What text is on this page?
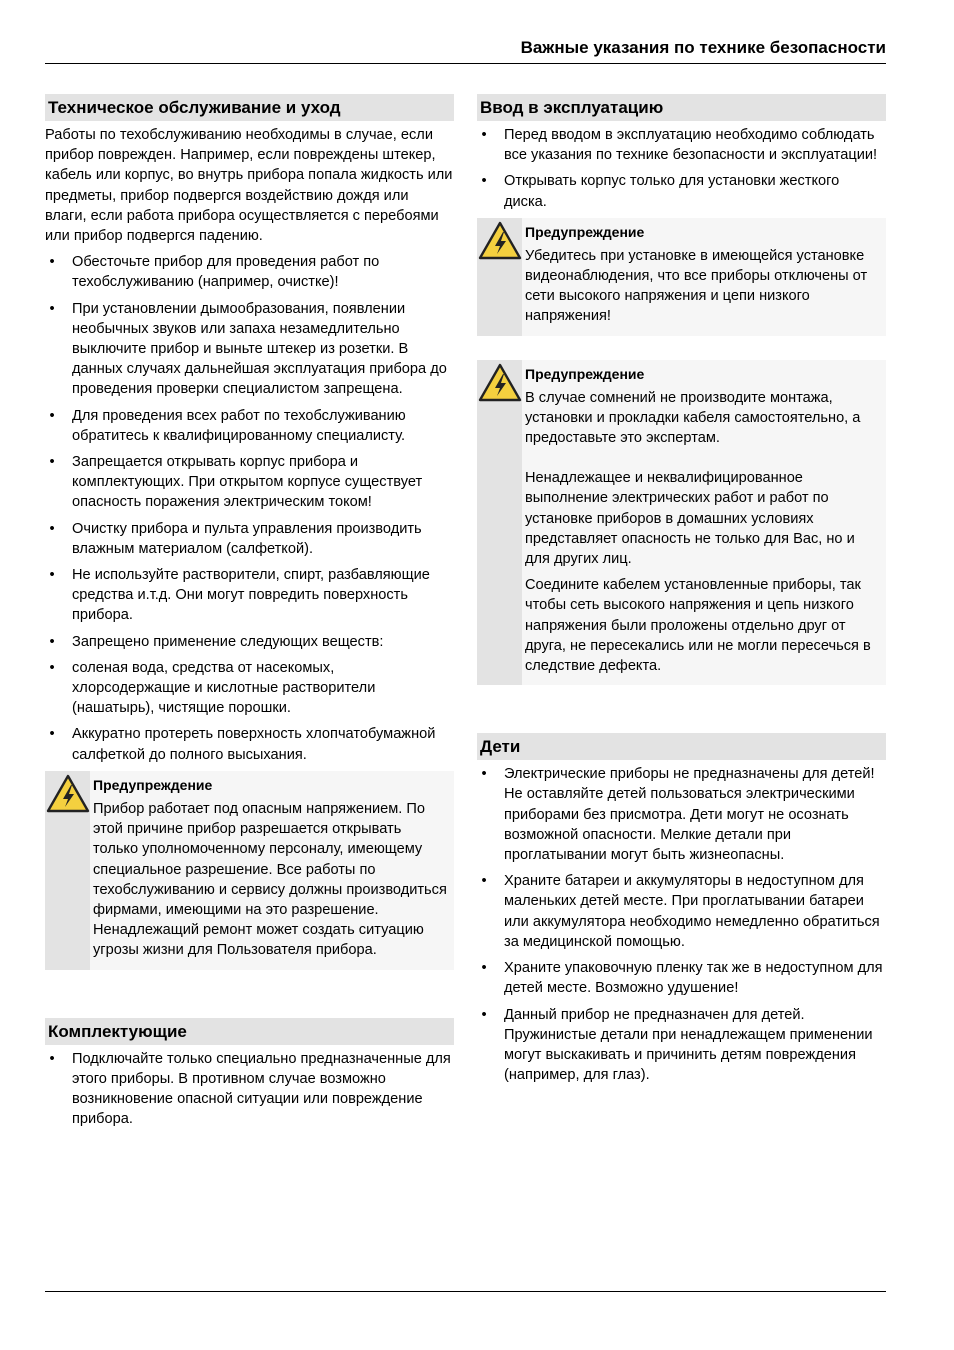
Важные указания по технике безопасности
Техническое обслуживание и уход

Работы по техобслуживанию необходимы в случае, если прибор поврежден. Например, если повреждены штекер, кабель или корпус, во внутрь прибора попала жидкость или предметы, прибор подвергся воздействию дождя или влаги, если работа прибора осуществляется с перебоями или прибор подвергся падению.

•	Обесточьте прибор для проведения работ по техобслуживанию (например, очистке)!
•	При установлении дымообразования, появлении необычных звуков или запаха незамедлительно выключите прибор и выньте штекер из розетки. В данных случаях дальнейшая эксплуатация прибора до проведения проверки специалистом запрещена.
•	Для проведения всех работ по техобслуживанию обратитесь к квалифицированному специалисту.
•	Запрещается открывать корпус прибора и комплектующих. При открытом корпусе существует опасность поражения электрическим током!
•	Очистку прибора и пульта управления производить влажным материалом (салфеткой).
•	Не используйте растворители, спирт, разбавляющие средства и.т.д. Они могут повредить поверхность прибора.
•	Запрещено применение следующих веществ:
•	соленая вода, средства от насекомых, хлорсодержащие и кислотные растворители (нашатырь), чистящие порошки.
•	Аккуратно протереть поверхность хлопчатобумажной салфеткой до полного высыхания.
Предупреждение

Прибор работает под опасным напряжением. По этой причине прибор разрешается открывать только уполномоченному персоналу, имеющему специальное разрешение. Все работы по техобслуживанию и сервису должны производиться фирмами, имеющими на это разрешение. Ненадлежащий ремонт может создать ситуацию угрозы жизни для Пользователя прибора.

Комплектующие
•	Подключайте только специально предназначенные для этого приборы. В противном случае возможно возникновение опасной ситуации или повреждение прибора.
Ввод в эксплуатацию
•	Перед вводом в эксплуатацию необходимо соблюдать все указания по технике безопасности и эксплуатации!
•	Открывать корпус только для установки жесткого диска.
Предупреждение

Убедитесь при установке в имеющейся установке видеонаблюдения, что все приборы отключены от сети высокого напряжения и цепи низкого напряжения!

Предупреждение

В случае сомнений не производите монтажа, установки и прокладки кабеля самостоятельно, а предоставьте это экспертам.

Ненадлежащее и неквалифицированное выполнение электрических работ и работ по установке приборов в домашних условиях представляет опасность не только для Вас, но и для других лиц.

Соедините кабелем установленные приборы, так чтобы сеть высокого напряжения и цепь низкого напряжения были проложены отдельно друг от друга, не пересекались или не могли пересечься в следствие дефекта.

Дети
•	Электрические приборы не предназначены для детей! Не оставляйте детей пользоваться электрическими приборами без присмотра. Дети могут не осознать возможной опасности. Мелкие детали при проглатывании могут быть жизнеопасны.
•	Храните батареи и аккумуляторы в недоступном для маленьких детей месте. При проглатывании батареи или аккумулятора необходимо немедленно обратиться за медицинской помощью.
•	Храните упаковочную пленку так же в недоступном для детей месте. Возможно удушение!
•	Данный прибор не предназначен для детей. Пружинистые детали при ненадлежащем применении могут выскакивать и причинить детям повреждения (например, для глаз).
